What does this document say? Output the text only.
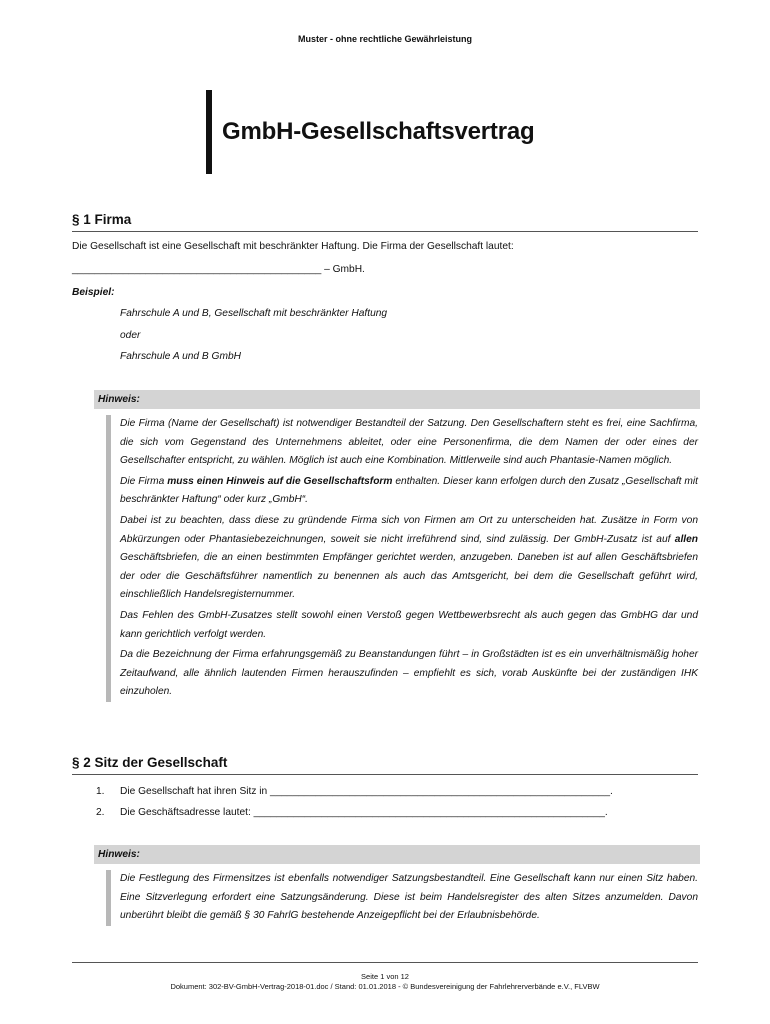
Muster - ohne rechtliche Gewährleistung
GmbH-Gesellschaftsvertrag
§ 1 Firma
Die Gesellschaft ist eine Gesellschaft mit beschränkter Haftung. Die Firma der Gesellschaft lautet:
____________________________________________ – GmbH.
Beispiel:
Fahrschule A und B, Gesellschaft mit beschränkter Haftung
oder
Fahrschule A und B GmbH
Hinweis:

Die Firma (Name der Gesellschaft) ist notwendiger Bestandteil der Satzung. Den Gesellschaftern steht es frei, eine Sachfirma, die sich vom Gegenstand des Unternehmens ableitet, oder eine Personenfirma, die dem Namen der oder eines der Gesellschafter entspricht, zu wählen. Möglich ist auch eine Kombination. Mittlerweile sind auch Phantasie-Namen möglich.

Die Firma muss einen Hinweis auf die Gesellschaftsform enthalten. Dieser kann erfolgen durch den Zusatz „Gesellschaft mit beschränkter Haftung“ oder kurz „GmbH“.

Dabei ist zu beachten, dass diese zu gründende Firma sich von Firmen am Ort zu unterscheiden hat. Zusätze in Form von Abkürzungen oder Phantasiebezeichnungen, soweit sie nicht irreführend sind, sind zulässig. Der GmbH-Zusatz ist auf allen Geschäftsbriefen, die an einen bestimmten Empfänger gerichtet werden, anzugeben. Daneben ist auf allen Geschäftsbriefen der oder die Geschäftsführer namentlich zu benennen als auch das Amtsgericht, bei dem die Gesellschaft geführt wird, einschließlich Handelsregisternummer.

Das Fehlen des GmbH-Zusatzes stellt sowohl einen Verstoß gegen Wettbewerbsrecht als auch gegen das GmbHG dar und kann gerichtlich verfolgt werden.

Da die Bezeichnung der Firma erfahrungsgemäß zu Beanstandungen führt – in Großstädten ist es ein unverhältnismäßig hoher Zeitaufwand, alle ähnlich lautenden Firmen herauszufinden – empfiehlt es sich, vorab Auskünfte bei der zuständigen IHK einzuholen.

§ 2 Sitz der Gesellschaft
1. Die Gesellschaft hat ihren Sitz in ____________________________________________________________.
2. Die Geschäftsadresse lautet: ______________________________________________________________.
Hinweis:

Die Festlegung des Firmensitzes ist ebenfalls notwendiger Satzungsbestandteil. Eine Gesellschaft kann nur einen Sitz haben. Eine Sitzverlegung erfordert eine Satzungsänderung. Diese ist beim Handelsregister des alten Sitzes anzumelden. Davon unberührt bleibt die gemäß § 30 FahrlG bestehende Anzeigepflicht bei der Erlaubnisbehörde.

Seite 1 von 12
Dokument: 302-BV-GmbH-Vertrag-2018-01.doc / Stand: 01.01.2018 - © Bundesvereinigung der Fahrlehrerverbände e.V., FLVBW
